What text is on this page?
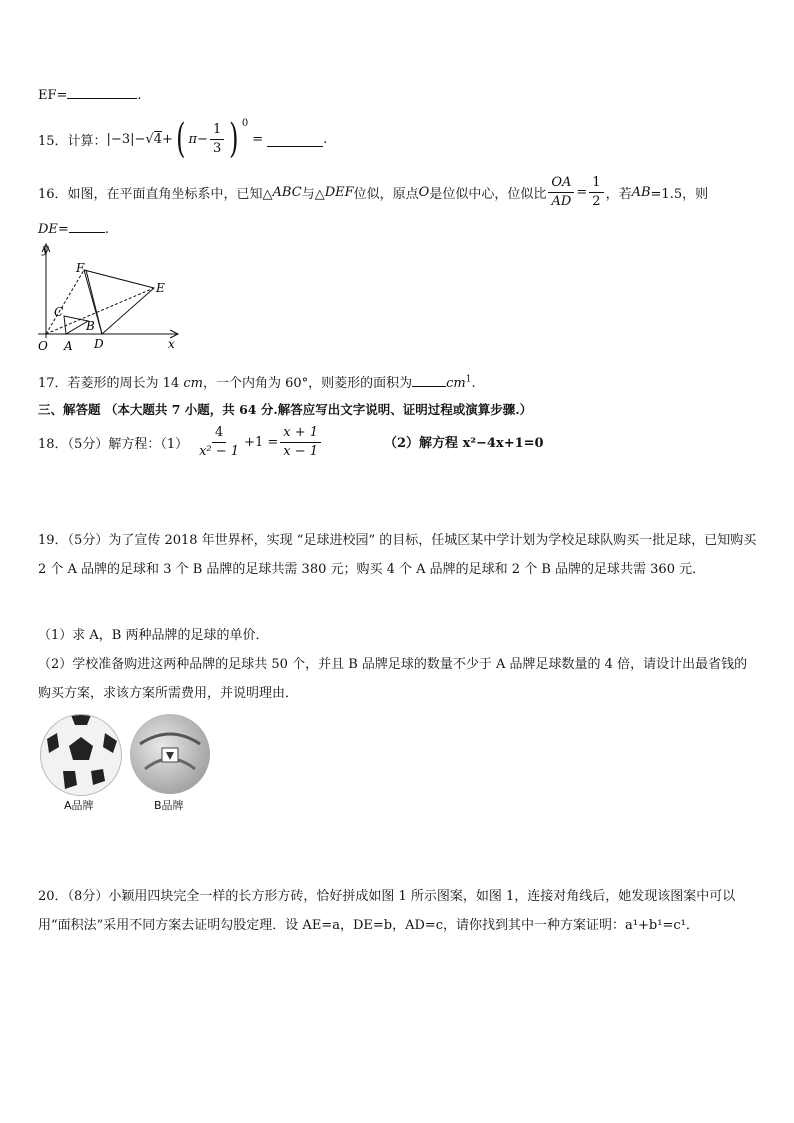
EF=	.
15．计算： |−3| − √ 4 + ( $\pi - \frac{1}{3}$ ) 0
=	.
16．如图，在平面直角坐标系中，已知△ ABC 与△ DEF 位似，原点 O 是位似中心，位似比 $\frac{OA}{AD} = \frac{1}{2}$ ，若 AB =1.5，则
DE=	.
y
x
O A
B
C
D
E
F
17．若菱形的周长为 14 cm，一个内角为 60°，则菱形的面积为	$cm^1$.
三、解答题 （本大题共 7 小题，共 64 分.解答应写出文字说明、证明过程或演算步骤.）
18．（5分）解方程：$(1) \frac{4}{\text{x² − 1}} +1 = \frac{x + 1}{x - 1}$	（2）解方程 x²−4x+1=0
19．（5分）为了宣传 2018 年世界杯，实现 “足球进校园” 的目标，任城区某中学计划为学校足球队购买一批足球，已知购买 2 个 A 品牌的足球和 3 个 B 品牌的足球共需 380 元；购买 4 个 A 品牌的足球和 2 个 B 品牌的足球共需 360 元．
（1）求 A，B 两种品牌的足球的单价．
（2）学校准备购进这两种品牌的足球共 50 个，并且 B 品牌足球的数量不少于 A 品牌足球数量的 4 倍，请设计出最省钱的购买方案，求该方案所需费用，并说明理由．
A品牌	B品牌
20．（8分）小颖用四块完全一样的长方形方砖，恰好拼成如图 1 所示图案，如图 1，连接对角线后，她发现该图案中可以用“面积法”采用不同方案去证明勾股定理．设 AE=a，DE=b，AD=c，请你找到其中一种方案证明：a¹+b¹=c¹．
